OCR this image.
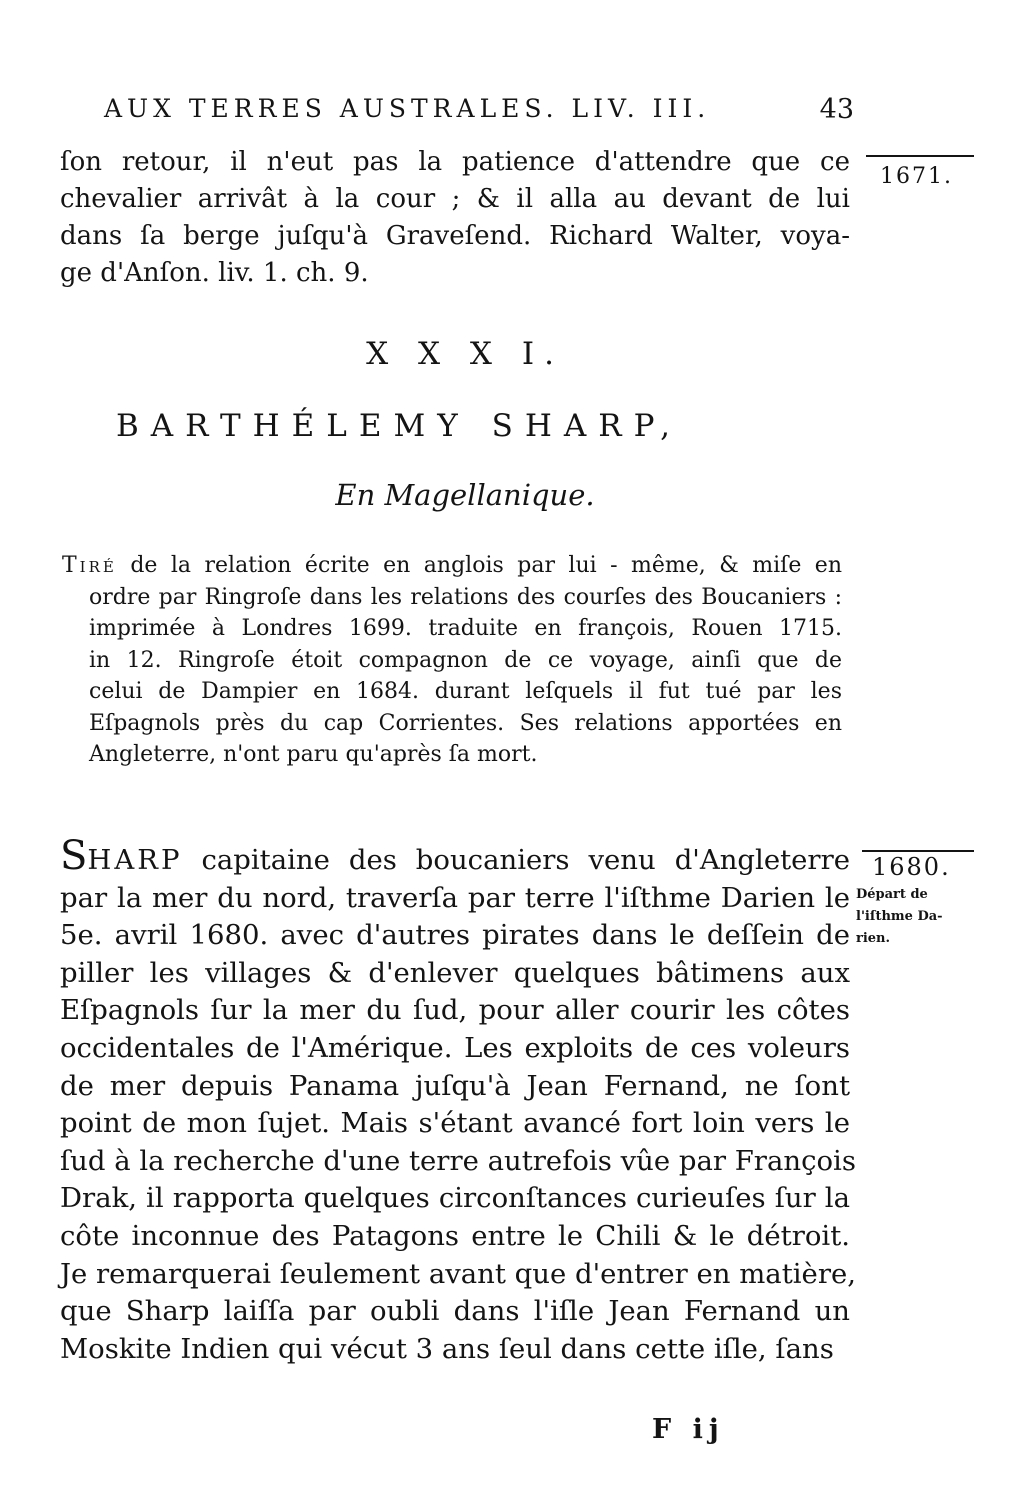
AUX TERRES AUSTRALES. LIV. III.	43
ſon retour, il n'eut pas la patience d'attendre que ce
chevalier arrivât à la cour ; & il alla au devant de lui
dans ſa berge juſqu'à Graveſend. Richard Walter, voya-
ge d'Anſon. liv. 1. ch. 9.
1671.
X X X I.
BARTHÉLEMY SHARP,
En Magellanique.
Tiré de la relation écrite en anglois par lui - même, & miſe en
ordre par Ringroſe dans les relations des courſes des Boucaniers :
imprimée à Londres 1699. traduite en françois, Rouen 1715.
in 12. Ringroſe étoit compagnon de ce voyage, ainſi que de
celui de Dampier en 1684. durant leſquels il fut tué par les
Eſpagnols près du cap Corrientes. Ses relations apportées en
Angleterre, n'ont paru qu'après ſa mort.
SHARP capitaine des boucaniers venu d'Angleterre
par la mer du nord, traverſa par terre l'iſthme Darien le
5e. avril 1680. avec d'autres pirates dans le deſſein de
piller les villages & d'enlever quelques bâtimens aux
Eſpagnols ſur la mer du ſud, pour aller courir les côtes
occidentales de l'Amérique. Les exploits de ces voleurs
de mer depuis Panama juſqu'à Jean Fernand, ne ſont
point de mon ſujet. Mais s'étant avancé fort loin vers le
ſud à la recherche d'une terre autrefois vûe par François
Drak, il rapporta quelques circonſtances curieuſes ſur la
côte inconnue des Patagons entre le Chili & le détroit.
Je remarquerai ſeulement avant que d'entrer en matière,
que Sharp laiſſa par oubli dans l'iſle Jean Fernand un
Moskite Indien qui vécut 3 ans ſeul dans cette iſle, ſans
1680.
Départ de
l'iſthme Da-
rien.
F ij
